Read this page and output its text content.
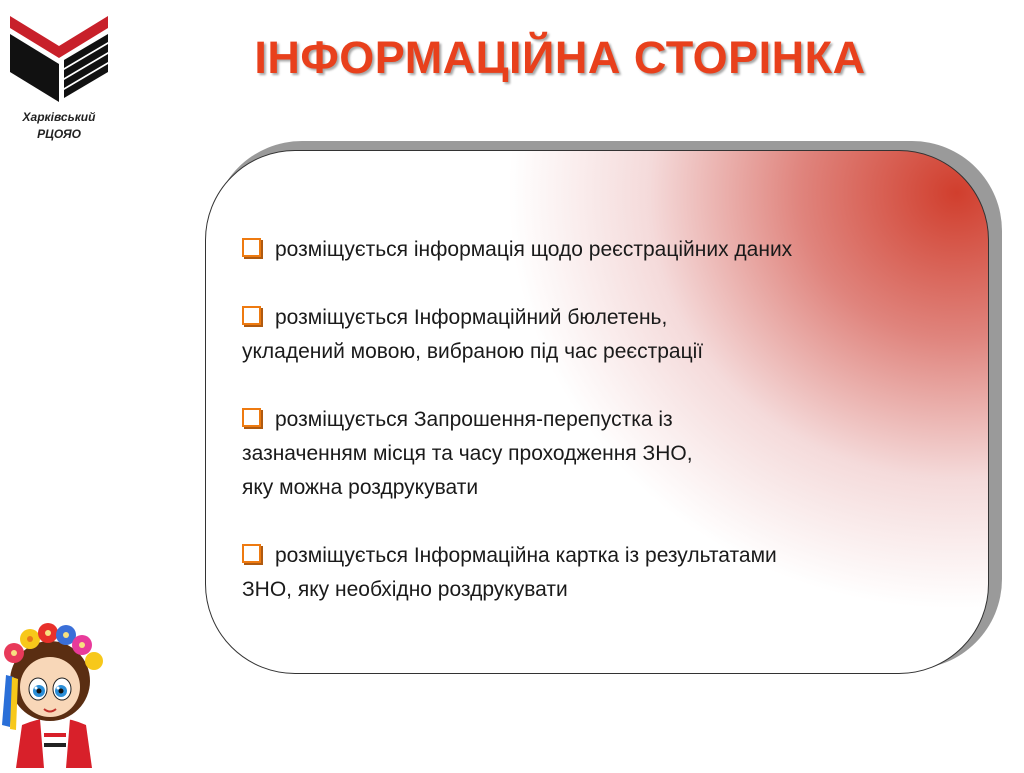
Харківський
РЦОЯО
ІНФОРМАЦІЙНА СТОРІНКА
розміщується інформація щодо реєстраційних даних
розміщується Інформаційний бюлетень,
укладений мовою, вибраною під час реєстрації
розміщується Запрошення-перепустка із
зазначенням місця та часу проходження ЗНО,
яку можна роздрукувати
розміщується Інформаційна картка із результатами
ЗНО, яку необхідно роздрукувати
